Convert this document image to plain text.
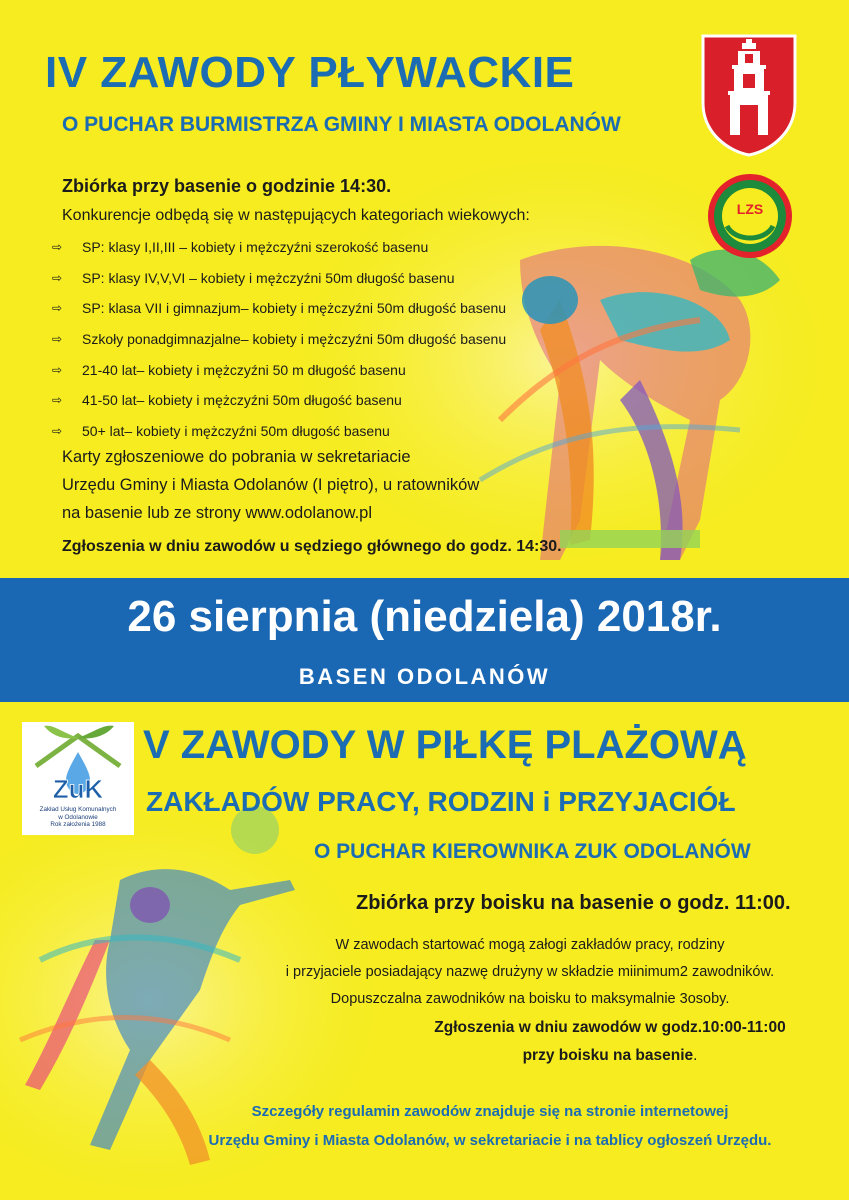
IV ZAWODY PŁYWACKIE
O PUCHAR BURMISTRZA GMINY I MIASTA ODOLANÓW
LZS
Zbiórka przy basenie o godzinie 14:30.
Konkurencje odbędą się w następujących kategoriach wiekowych:
⇨	SP: klasy I,II,III – kobiety i mężczyźni szerokość basenu
⇨	SP: klasy IV,V,VI – kobiety i mężczyźni 50m długość basenu
⇨	SP: klasa VII i gimnazjum– kobiety i mężczyźni 50m długość basenu
⇨	Szkoły ponadgimnazjalne– kobiety i mężczyźni 50m długość basenu
⇨	21-40 lat– kobiety i mężczyźni 50 m długość basenu
⇨	41-50 lat– kobiety i mężczyźni 50m długość basenu
⇨	50+ lat– kobiety i mężczyźni 50m długość basenu
Karty zgłoszeniowe do pobrania w sekretariacie
Urzędu Gminy i Miasta Odolanów (I piętro), u ratowników
na basenie lub ze strony www.odolanow.pl
Zgłoszenia w dniu zawodów u sędziego głównego do godz. 14:30.
26 sierpnia (niedziela) 2018r.
BASEN ODOLANÓW
ZuK
Zakład Usług Komunalnych
w Odolanowie
Rok założenia 1988
V ZAWODY W PIŁKĘ PLAŻOWĄ
ZAKŁADÓW PRACY, RODZIN i PRZYJACIÓŁ
O PUCHAR KIEROWNIKA ZUK ODOLANÓW
Zbiórka przy boisku na basenie o godz. 11:00.
W zawodach startować mogą załogi zakładów pracy, rodziny
i przyjaciele posiadający nazwę drużyny w składzie miinimum2 zawodników.
Dopuszczalna zawodników na boisku to maksymalnie 3osoby.
Zgłoszenia w dniu zawodów w godz.10:00-11:00
przy boisku na basenie.
Szczegóły regulamin zawodów znajduje się na stronie internetowej
Urzędu Gminy i Miasta Odolanów, w sekretariacie i na tablicy ogłoszeń Urzędu.
